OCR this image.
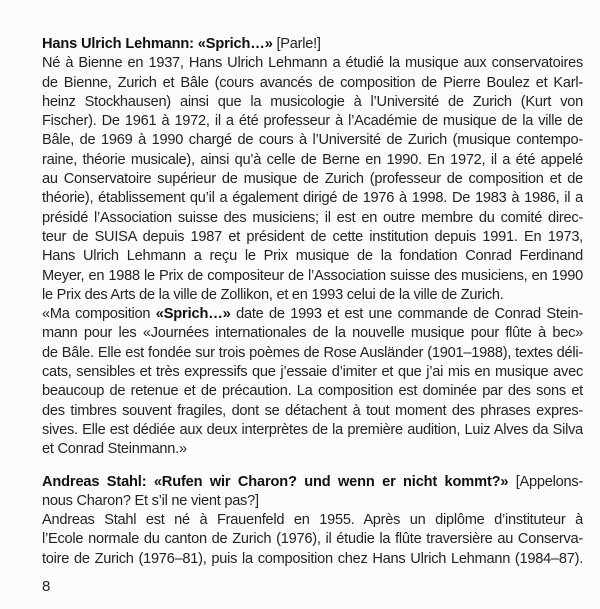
Hans Ulrich Lehmann: «Sprich…» [Parle!]
Né à Bienne en 1937, Hans Ulrich Lehmann a étudié la musique aux conservatoires
de Bienne, Zurich et Bâle (cours avancés de composition de Pierre Boulez et Karl-
heinz Stockhausen) ainsi que la musicologie à l’Université de Zurich (Kurt von
Fischer). De 1961 à 1972, il a été professeur à l’Académie de musique de la ville de
Bâle, de 1969 à 1990 chargé de cours à l’Université de Zurich (musique contempo-
raine, théorie musicale), ainsi qu’à celle de Berne en 1990. En 1972, il a été appelé
au Conservatoire supérieur de musique de Zurich (professeur de composition et de
théorie), établissement qu’il a également dirigé de 1976 à 1998. De 1983 à 1986, il a
présidé l’Association suisse des musiciens; il est en outre membre du comité direc-
teur de SUISA depuis 1987 et président de cette institution depuis 1991. En 1973,
Hans Ulrich Lehmann a reçu le Prix musique de la fondation Conrad Ferdinand
Meyer, en 1988 le Prix de compositeur de l’Association suisse des musiciens, en 1990
le Prix des Arts de la ville de Zollikon, et en 1993 celui de la ville de Zurich.
«Ma composition «Sprich…» date de 1993 et est une commande de Conrad Stein-
mann pour les «Journées internationales de la nouvelle musique pour flûte à bec»
de Bâle. Elle est fondée sur trois poèmes de Rose Ausländer (1901–1988), textes déli-
cats, sensibles et très expressifs que j’essaie d’imiter et que j’ai mis en musique avec
beaucoup de retenue et de précaution. La composition est dominée par des sons et
des timbres souvent fragiles, dont se détachent à tout moment des phrases expres-
sives. Elle est dédiée aux deux interprètes de la première audition, Luiz Alves da Silva
et Conrad Steinmann.»
Andreas Stahl: «Rufen wir Charon? und wenn er nicht kommt?» [Appelons-
nous Charon? Et s’il ne vient pas?]
Andreas Stahl est né à Frauenfeld en 1955. Après un diplôme d’instituteur à
l’Ecole normale du canton de Zurich (1976), il étudie la flûte traversière au Conserva-
toire de Zurich (1976–81), puis la composition chez Hans Ulrich Lehmann (1984–87).
8
